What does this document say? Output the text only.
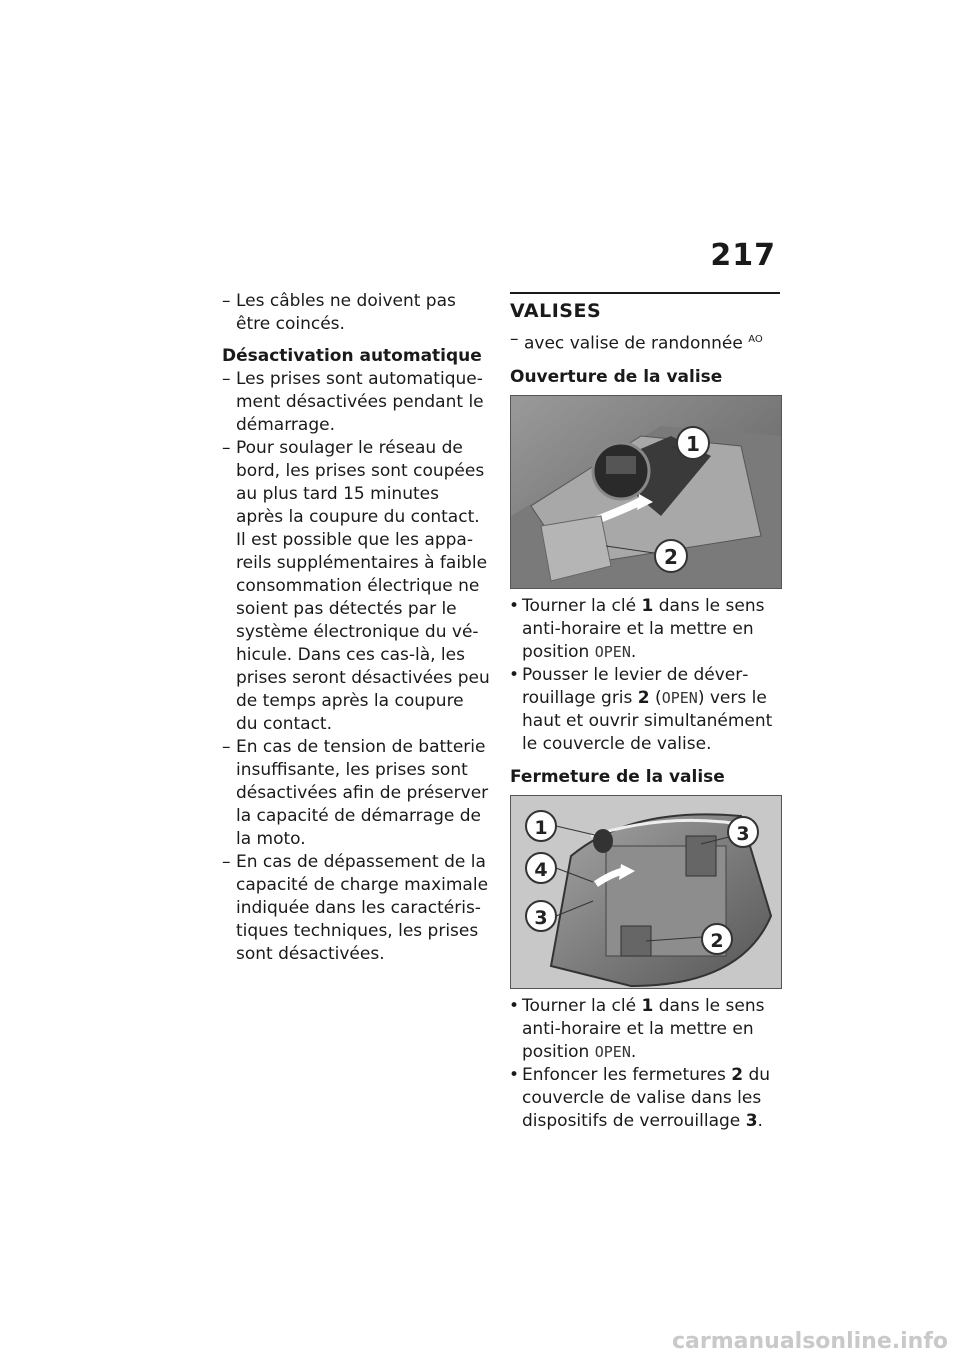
217
– Les câbles ne doivent pas être coincés.
Désactivation automatique
– Les prises sont automatiquement désactivées pendant le démarrage.
– Pour soulager le réseau de bord, les prises sont coupées au plus tard 15 minutes après la coupure du contact. Il est possible que les appareils supplémentaires à faible consommation électrique ne soient pas détectés par le système électronique du véhicule. Dans ces cas-là, les prises seront désactivées peu de temps après la coupure du contact.
– En cas de tension de batterie insuffisante, les prises sont désactivées afin de préserver la capacité de démarrage de la moto.
– En cas de dépassement de la capacité de charge maximale indiquée dans les caractéristiques techniques, les prises sont désactivées.
VALISES
– avec valise de randonnée $^{AO}$
Ouverture de la valise
1
2
• Tourner la clé 1 dans le sens anti-horaire et la mettre en position OPEN.
• Pousser le levier de déverrouillage gris 2 (OPEN) vers le haut et ouvrir simultanément le couvercle de valise.
Fermeture de la valise
1
4
3
3
2
• Tourner la clé 1 dans le sens anti-horaire et la mettre en position OPEN.
• Enfoncer les fermetures 2 du couvercle de valise dans les dispositifs de verrouillage 3.
carmanualsonline.info
